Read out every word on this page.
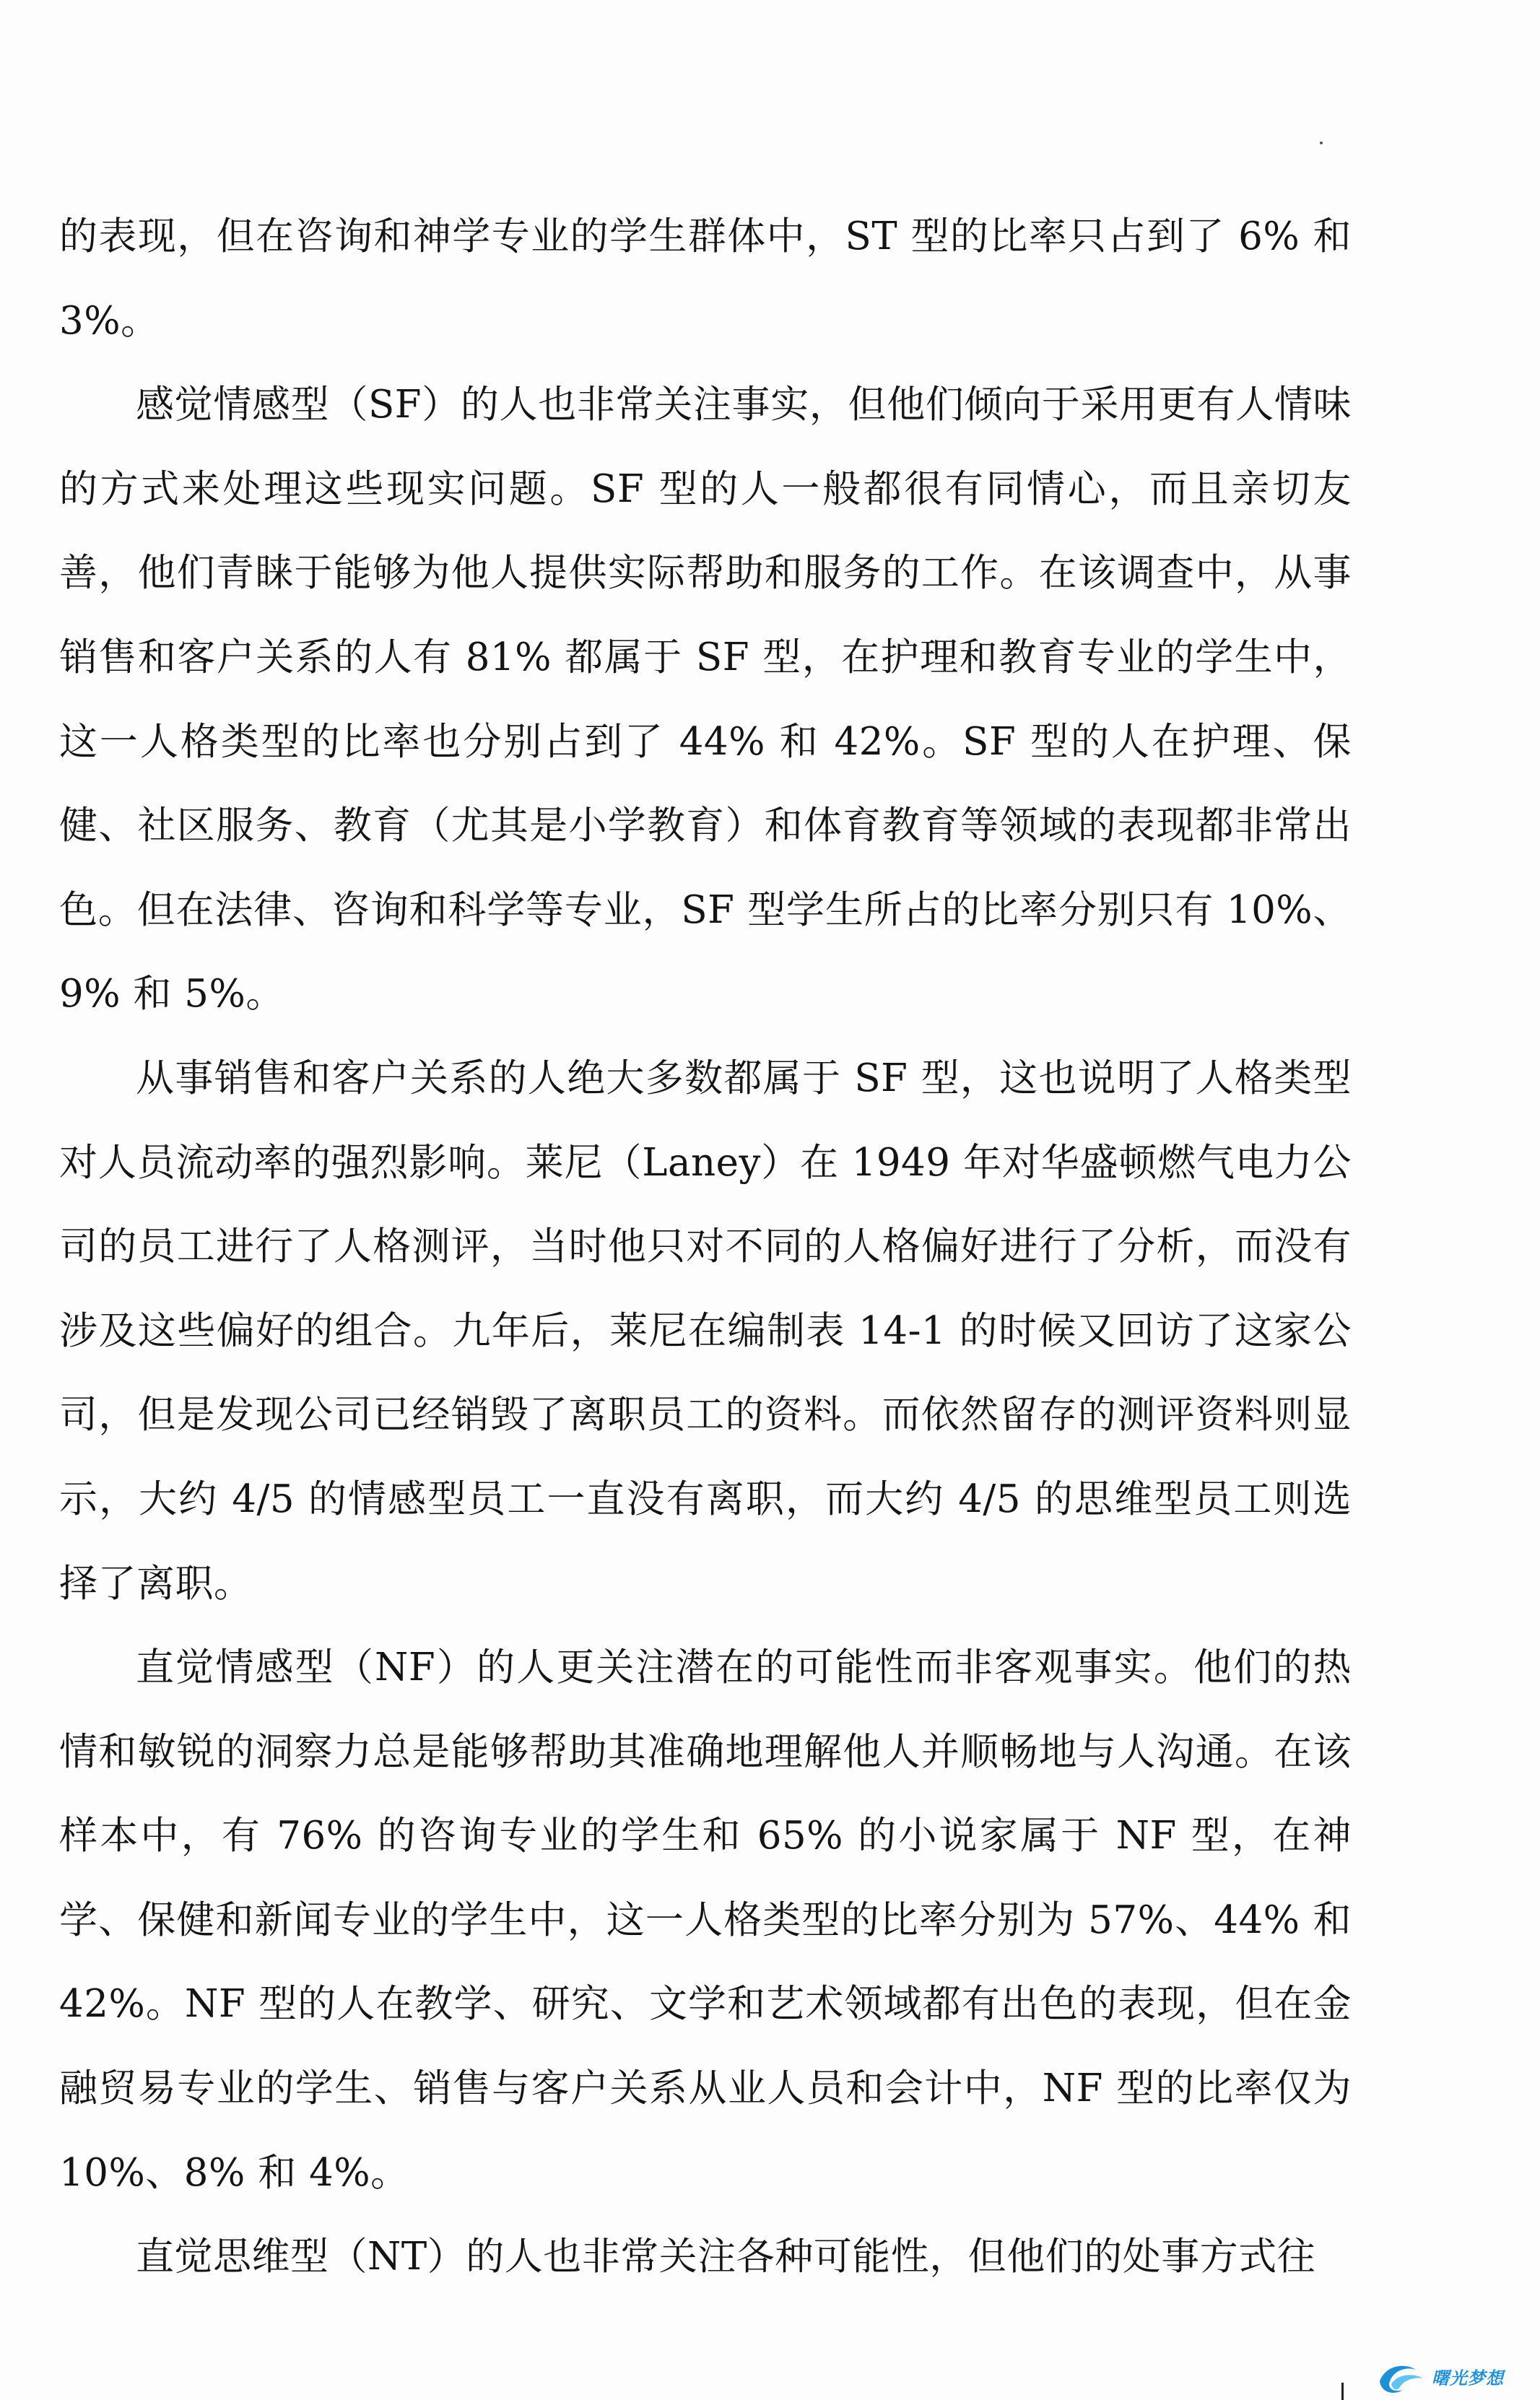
的表现，但在咨询和神学专业的学生群体中，ST 型的比率只占到了 6% 和 3%。

感觉情感型（SF）的人也非常关注事实，但他们倾向于采用更有人情味的方式来处理这些现实问题。SF 型的人一般都很有同情心，而且亲切友善，他们青睐于能够为他人提供实际帮助和服务的工作。在该调查中，从事销售和客户关系的人有 81% 都属于 SF 型，在护理和教育专业的学生中，这一人格类型的比率也分别占到了 44% 和 42%。SF 型的人在护理、保健、社区服务、教育（尤其是小学教育）和体育教育等领域的表现都非常出色。但在法律、咨询和科学等专业，SF 型学生所占的比率分别只有 10%、9% 和 5%。

从事销售和客户关系的人绝大多数都属于 SF 型，这也说明了人格类型对人员流动率的强烈影响。莱尼（Laney）在 1949 年对华盛顿燃气电力公司的员工进行了人格测评，当时他只对不同的人格偏好进行了分析，而没有涉及这些偏好的组合。九年后，莱尼在编制表 14-1 的时候又回访了这家公司，但是发现公司已经销毁了离职员工的资料。而依然留存的测评资料则显示，大约 4/5 的情感型员工一直没有离职，而大约 4/5 的思维型员工则选择了离职。

直觉情感型（NF）的人更关注潜在的可能性而非客观事实。他们的热情和敏锐的洞察力总是能够帮助其准确地理解他人并顺畅地与人沟通。在该样本中，有 76% 的咨询专业的学生和 65% 的小说家属于 NF 型，在神学、保健和新闻专业的学生中，这一人格类型的比率分别为 57%、44% 和 42%。NF 型的人在教学、研究、文学和艺术领域都有出色的表现，但在金融贸易专业的学生、销售与客户关系从业人员和会计中，NF 型的比率仅为 10%、8% 和 4%。

直觉思维型（NT）的人也非常关注各种可能性，但他们的处事方式往

曙光梦想
